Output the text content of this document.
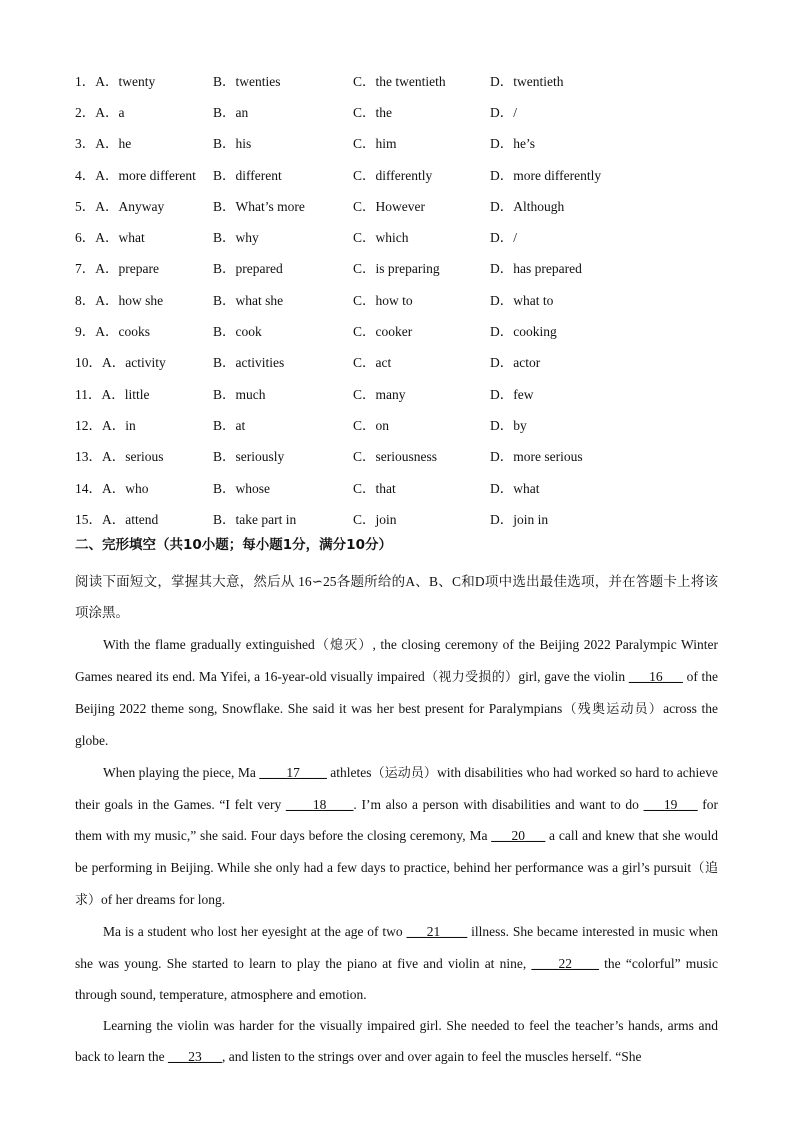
1．A．twenty	B．twenties	C．the twentieth	D．twentieth
2．A．a	B．an	C．the	D．/
3．A．he	B．his	C．him	D．he’s
4．A．more different	B．different	C．differently	D．more differently
5．A．Anyway	B．What’s more	C．However	D．Although
6．A．what	B．why	C．which	D．/
7．A．prepare	B．prepared	C．is preparing	D．has prepared
8．A．how she	B．what she	C．how to	D．what to
9．A．cooks	B．cook	C．cooker	D．cooking
10．A．activity	B．activities	C．act	D．actor
11．A．little	B．much	C．many	D．few
12．A．in	B．at	C．on	D．by
13．A．serious	B．seriously	C．seriousness	D．more serious
14．A．who	B．whose	C．that	D．what
15．A．attend	B．take part in	C．join	D．join in
二、完形填空（共10小题；每小题1分，满分10分）

阅读下面短文，掌握其大意，然后从 16∽25各题所给的A、B、C和D项中选出最佳选项，并在答题卡上将该项涂黑。

With the flame gradually extinguished（熄灭）, the closing ceremony of the Beijing 2022 Paralympic Winter Games neared its end. Ma Yifei, a 16-year-old visually impaired（视力受损的）girl, gave the violin ___16___ of the Beijing 2022 theme song, Snowflake. She said it was her best present for Paralympians（残奥运动员）across the globe.

When playing the piece, Ma ____17____ athletes（运动员）with disabilities who had worked so hard to achieve their goals in the Games. “I felt very ____18____. I’m also a person with disabilities and want to do ___19___ for them with my music,” she said. Four days before the closing ceremony, Ma ___20___ a call and knew that she would be performing in Beijing. While she only had a few days to practice, behind her performance was a girl’s pursuit（追求）of her dreams for long.

Ma is a student who lost her eyesight at the age of two ___21____ illness. She became interested in music when she was young. She started to learn to play the piano at five and violin at nine, ____22____ the “colorful” music through sound, temperature, atmosphere and emotion.

Learning the violin was harder for the visually impaired girl. She needed to feel the teacher’s hands, arms and back to learn the ___23___, and listen to the strings over and over again to feel the muscles herself. “She
